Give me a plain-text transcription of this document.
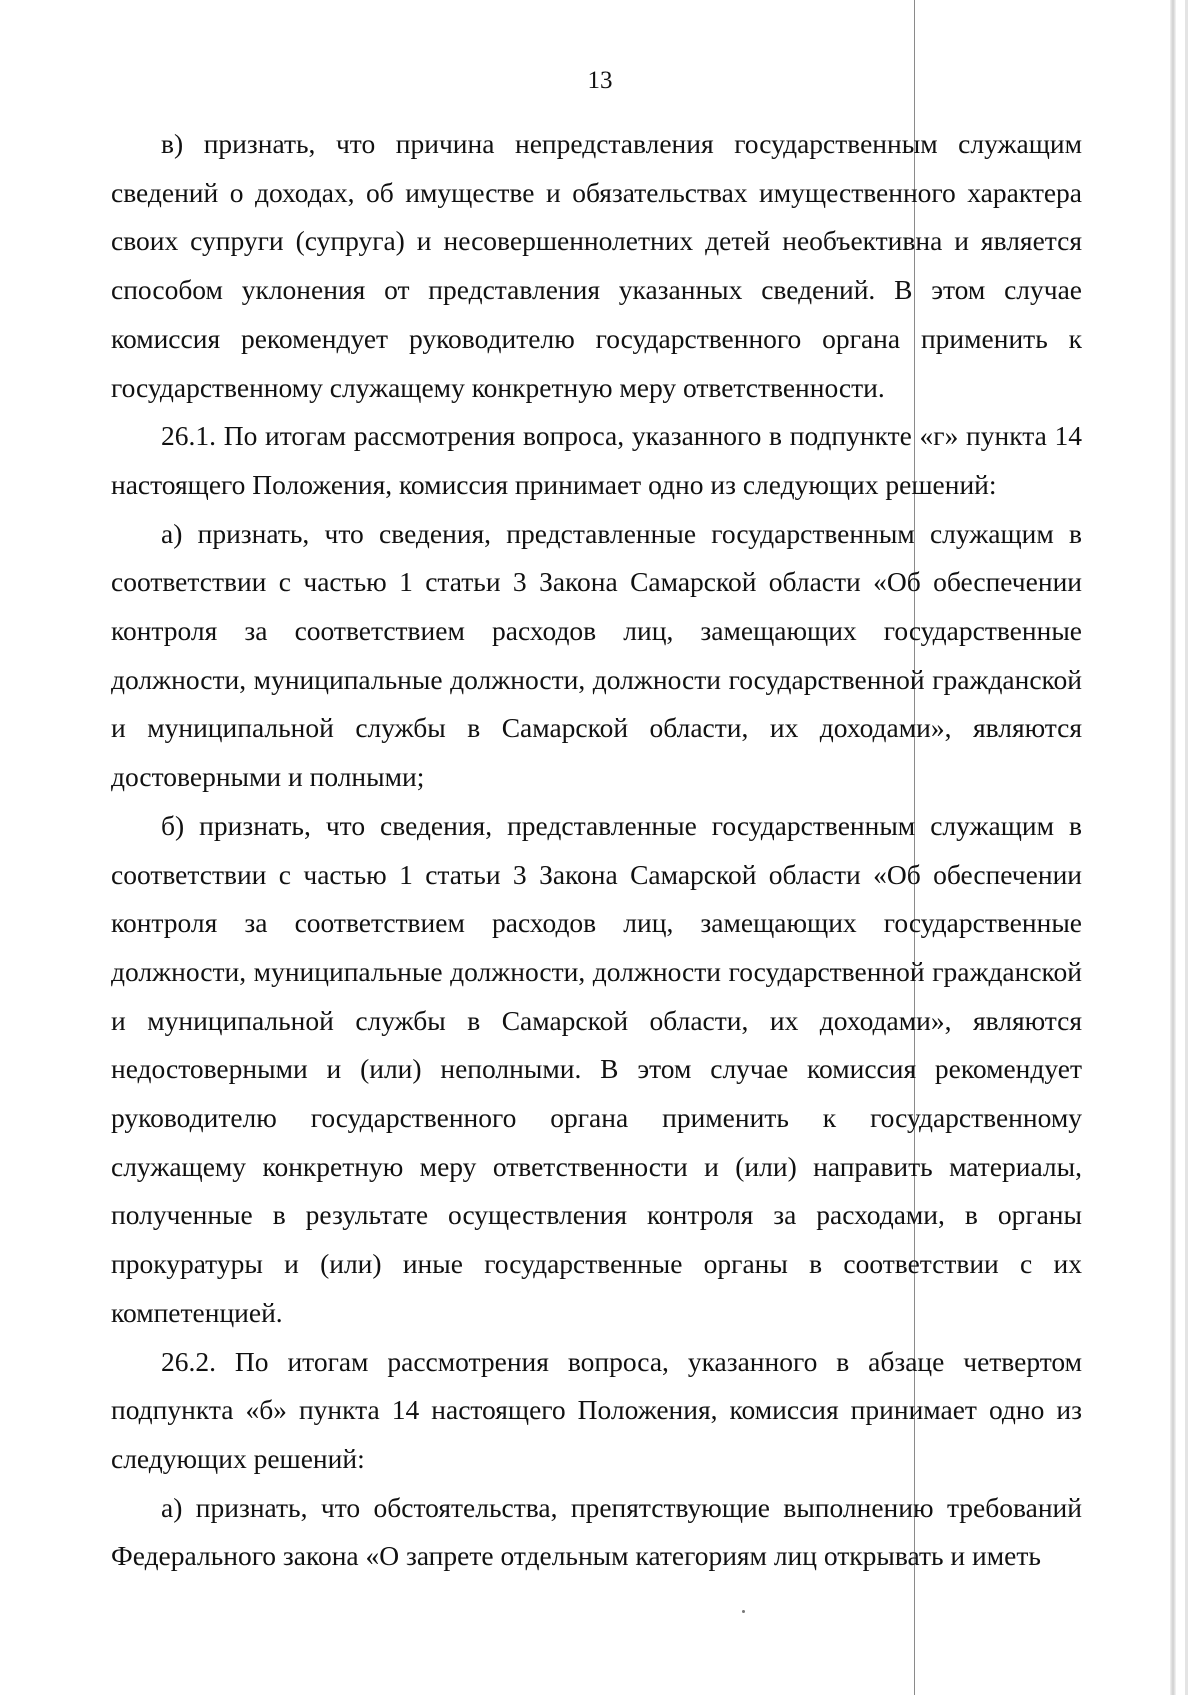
13

в) признать, что причина непредставления государственным служащим сведений о доходах, об имуществе и обязательствах имущественного характера своих супруги (супруга) и несовершеннолетних детей необъективна и является способом уклонения от представления указанных сведений. В этом случае комиссия рекомендует руководителю государственного органа применить к государственному служащему конкретную меру ответственности.

26.1. По итогам рассмотрения вопроса, указанного в подпункте «г» пункта 14 настоящего Положения, комиссия принимает одно из следующих решений:

а) признать, что сведения, представленные государственным служащим в соответствии с частью 1 статьи 3 Закона Самарской области «Об обеспечении контроля за соответствием расходов лиц, замещающих государственные должности, муниципальные должности, должности государственной гражданской и муниципальной службы в Самарской области, их доходами», являются достоверными и полными;

б) признать, что сведения, представленные государственным служащим в соответствии с частью 1 статьи 3 Закона Самарской области «Об обеспечении контроля за соответствием расходов лиц, замещающих государственные должности, муниципальные должности, должности государственной гражданской и муниципальной службы в Самарской области, их доходами», являются недостоверными и (или) неполными. В этом случае комиссия рекомендует руководителю государственного органа применить к государственному служащему конкретную меру ответственности и (или) направить материалы, полученные в результате осуществления контроля за расходами, в органы прокуратуры и (или) иные государственные органы в соответствии с их компетенцией.

26.2. По итогам рассмотрения вопроса, указанного в абзаце четвертом подпункта «б» пункта 14 настоящего Положения, комиссия принимает одно из следующих решений:

а) признать, что обстоятельства, препятствующие выполнению требований Федерального закона «О запрете отдельным категориям лиц открывать и иметь
